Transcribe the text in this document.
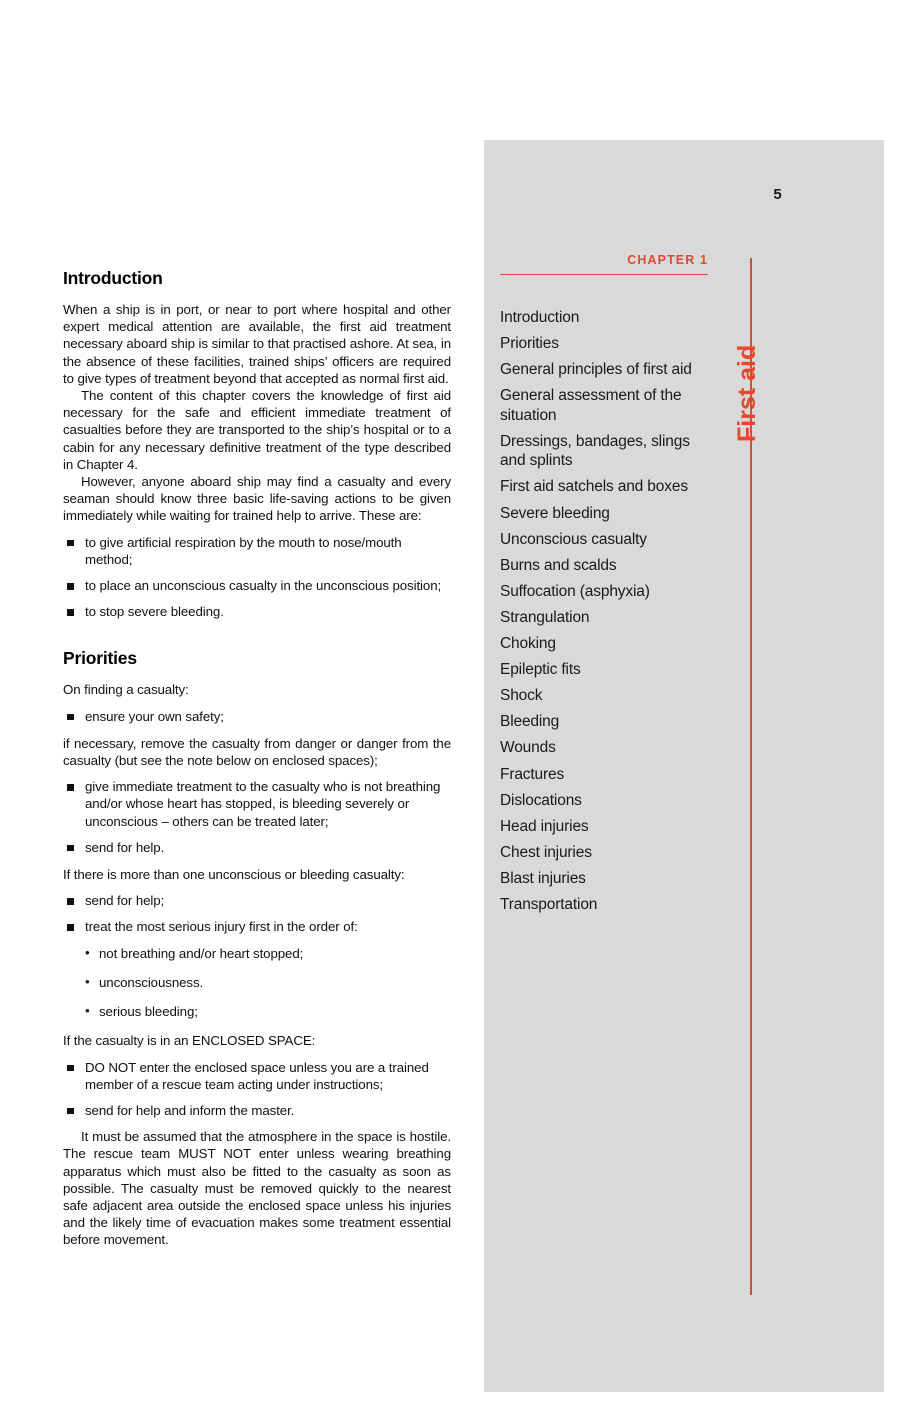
5
CHAPTER 1
First aid
Introduction
Priorities
General principles of first aid
General assessment of the situation
Dressings, bandages, slings and splints
First aid satchels and boxes
Severe bleeding
Unconscious casualty
Burns and scalds
Suffocation (asphyxia)
Strangulation
Choking
Epileptic fits
Shock
Bleeding
Wounds
Fractures
Dislocations
Head injuries
Chest injuries
Blast injuries
Transportation
Introduction

When a ship is in port, or near to port where hospital and other expert medical attention are available, the first aid treatment necessary aboard ship is similar to that practised ashore. At sea, in the absence of these facilities, trained ships’ officers are required to give types of treatment beyond that accepted as normal first aid.

The content of this chapter covers the knowledge of first aid necessary for the safe and efficient immediate treatment of casualties before they are transported to the ship’s hospital or to a cabin for any necessary definitive treatment of the type described in Chapter 4.

However, anyone aboard ship may find a casualty and every seaman should know three basic life-saving actions to be given immediately while waiting for trained help to arrive. These are:

to give artificial respiration by the mouth to nose/mouth method;
to place an unconscious casualty in the unconscious position;
to stop severe bleeding.
Priorities

On finding a casualty:

ensure your own safety;

if necessary, remove the casualty from danger or danger from the casualty (but see the note below on enclosed spaces);

give immediate treatment to the casualty who is not breathing and/or whose heart has stopped, is bleeding severely or unconscious – others can be treated later;
send for help.

If there is more than one unconscious or bleeding casualty:

send for help;
treat the most serious injury first in the order of:
• not breathing and/or heart stopped;
• unconsciousness.
• serious bleeding;

If the casualty is in an ENCLOSED SPACE:

DO NOT enter the enclosed space unless you are a trained member of a rescue team acting under instructions;
send for help and inform the master.

It must be assumed that the atmosphere in the space is hostile. The rescue team MUST NOT enter unless wearing breathing apparatus which must also be fitted to the casualty as soon as possible. The casualty must be removed quickly to the nearest safe adjacent area outside the enclosed space unless his injuries and the likely time of evacuation makes some treatment essential before movement.
